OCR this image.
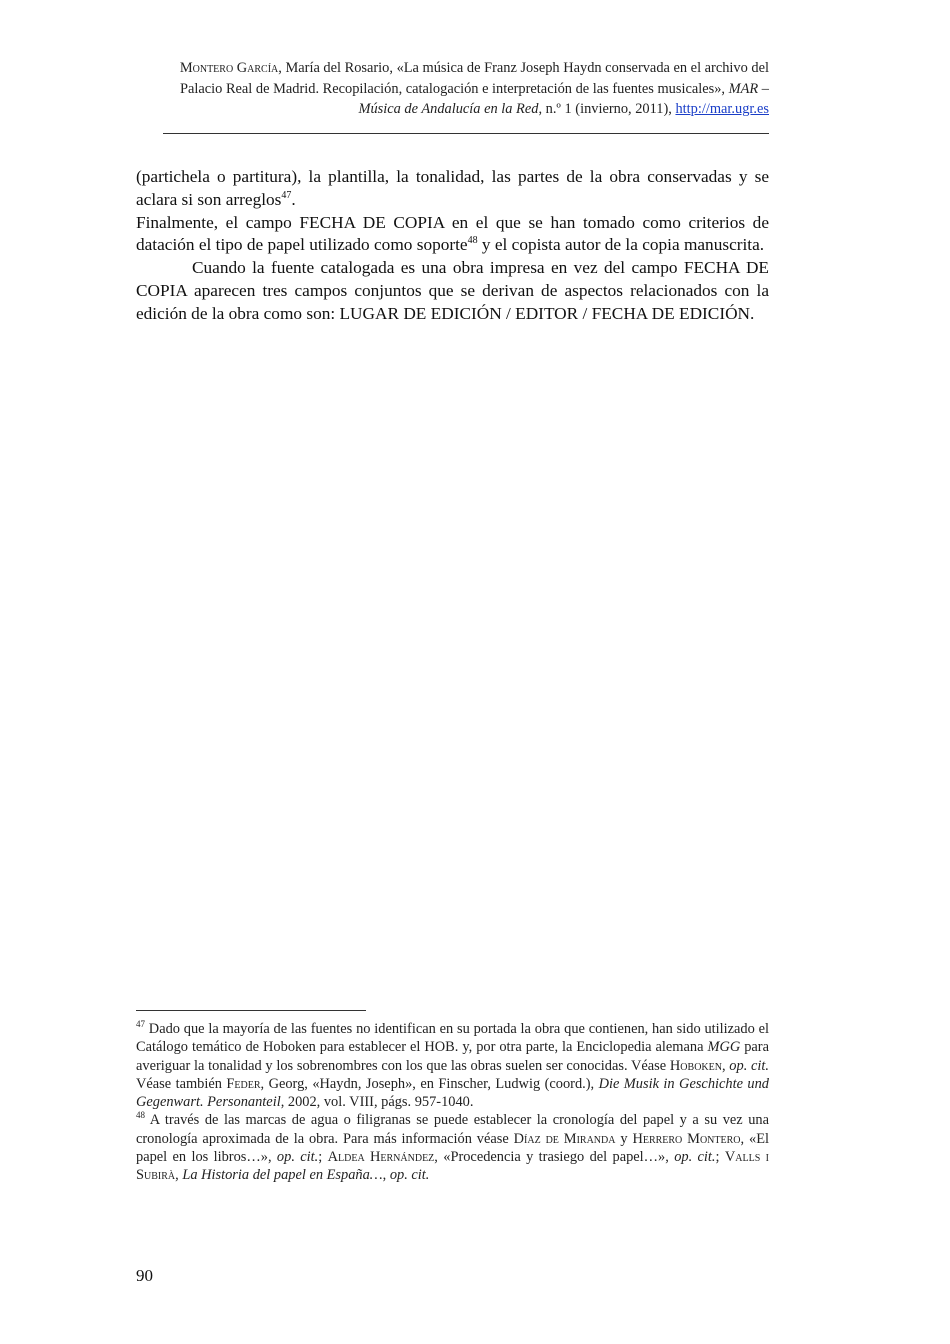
Montero García, María del Rosario, «La música de Franz Joseph Haydn conservada en el archivo del Palacio Real de Madrid. Recopilación, catalogación e interpretación de las fuentes musicales», MAR – Música de Andalucía en la Red, n.º 1 (invierno, 2011), http://mar.ugr.es

(partichela o partitura), la plantilla, la tonalidad, las partes de la obra conservadas y se aclara si son arreglos$^{47}$.

Finalmente, el campo FECHA DE COPIA en el que se han tomado como criterios de datación el tipo de papel utilizado como soporte$^{48}$ y el copista autor de la copia manuscrita.

Cuando la fuente catalogada es una obra impresa en vez del campo FECHA DE COPIA aparecen tres campos conjuntos que se derivan de aspectos relacionados con la edición de la obra como son: LUGAR DE EDICIÓN / EDITOR / FECHA DE EDICIÓN.

$^{47}$ Dado que la mayoría de las fuentes no identifican en su portada la obra que contienen, han sido utilizado el Catálogo temático de Hoboken para establecer el HOB. y, por otra parte, la Enciclopedia alemana MGG para averiguar la tonalidad y los sobrenombres con los que las obras suelen ser conocidas. Véase Hoboken, op. cit. Véase también Feder, Georg, «Haydn, Joseph», en Finscher, Ludwig (coord.), Die Musik in Geschichte und Gegenwart. Personanteil, 2002, vol. VIII, págs. 957-1040.

$^{48}$ A través de las marcas de agua o filigranas se puede establecer la cronología del papel y a su vez una cronología aproximada de la obra. Para más información véase Díaz de Miranda y Herrero Montero, «El papel en los libros…», op. cit.; Aldea Hernández, «Procedencia y trasiego del papel…», op. cit.; Valls i Subirà, La Historia del papel en España…, op. cit.

90
